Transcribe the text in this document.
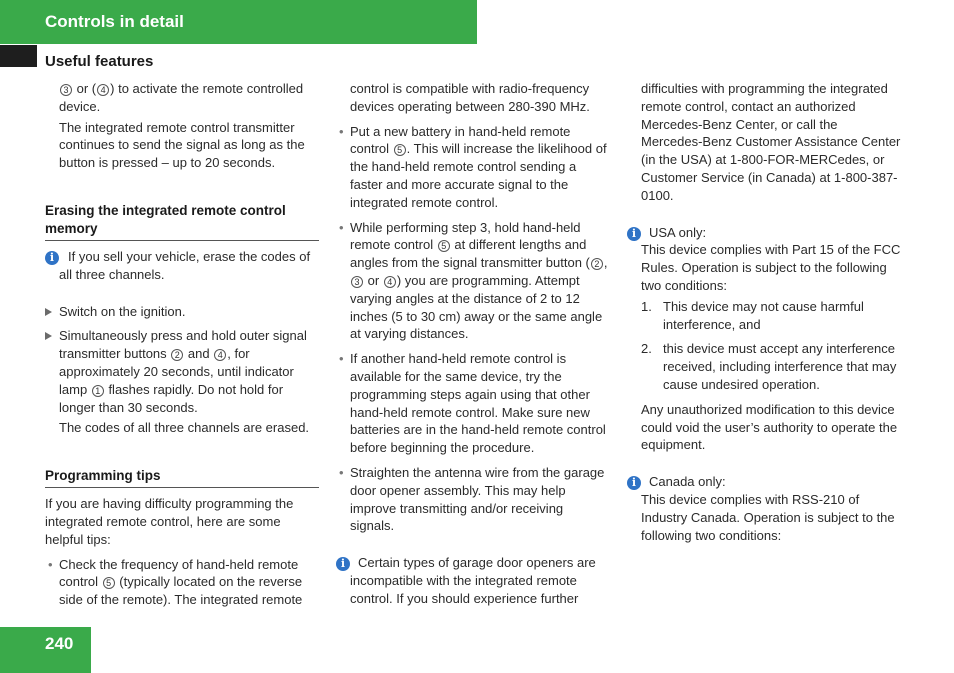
Controls in detail
Useful features

3 or ( 4 ) to activate the remote controlled device.

The integrated remote control transmitter continues to send the signal as long as the button is pressed – up to 20 seconds.

Erasing the integrated remote control memory
i	If you sell your vehicle, erase the codes of all three channels.

Switch on the ignition.
Simultaneously press and hold outer signal transmitter buttons 2 and 4 , for approximately 20 seconds, until indicator lamp 1 flashes rapidly. Do not hold for longer than 30 seconds.

The codes of all three channels are erased.

Programming tips

If you are having difficulty programming the integrated remote control, here are some helpful tips:

• Check the frequency of hand-held remote control 5 (typically located on the reverse side of the remote). The integrated remote

control is compatible with radio-frequency devices operating between 280-390 MHz.

• Put a new battery in hand-held remote control 5 . This will increase the likelihood of the hand-held remote control sending a faster and more accurate signal to the integrated remote control.
• While performing step 3, hold hand-held remote control 5 at different lengths and angles from the signal transmitter button ( 2 , 3 or 4 ) you are programming. Attempt varying angles at the distance of 2 to 12 inches (5 to 30 cm) away or the same angle at varying distances.
• If another hand-held remote control is available for the same device, try the programming steps again using that other hand-held remote control. Make sure new batteries are in the hand-held remote control before beginning the procedure.
• Straighten the antenna wire from the garage door opener assembly. This may help improve transmitting and/or receiving signals.
i Certain types of garage door openers are incompatible with the integrated remote control. If you should experience further

difficulties with programming the integrated remote control, contact an authorized Mercedes-Benz Center, or call the Mercedes-Benz Customer Assistance Center (in the USA) at 1-800-FOR-MERCedes, or Customer Service (in Canada) at 1-800-387-0100.

i USA only:

This device complies with Part 15 of the FCC Rules. Operation is subject to the following two conditions:

1. This device may not cause harmful interference, and
2. this device must accept any interference received, including interference that may cause undesired operation.

Any unauthorized modification to this device could void the user’s authority to operate the equipment.

i Canada only:

This device complies with RSS-210 of Industry Canada. Operation is subject to the following two conditions:

240
